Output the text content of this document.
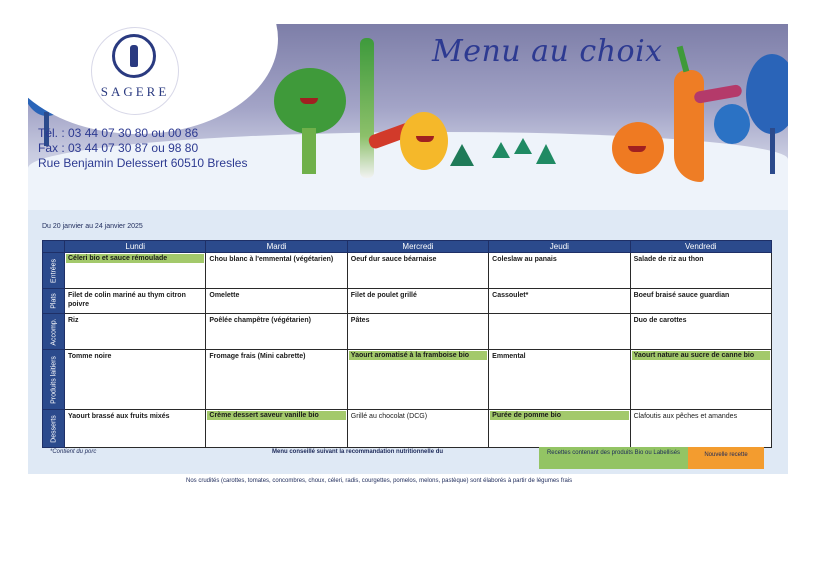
SAGERE
Menu au choix
Tél. : 03 44 07 30 80 ou 00 86
Fax : 03 44 07 30 87 ou 98 80
Rue Benjamin Delessert 60510 Bresles
Du 20 janvier au 24 janvier 2025
	Lundi	Mardi	Mercredi	Jeudi	Vendredi

Entrées	Céleri bio et sauce rémoulade	Chou blanc à l'emmental (végétarien)	Oeuf dur sauce béarnaise	Coleslaw au panais	Salade de riz au thon

Plats	Filet de colin mariné au thym citron poivre	Omelette	Filet de poulet grillé	Cassoulet*	Boeuf braisé sauce guardian

Accomp.	Riz	Poêlée champêtre (végétarien)	Pâtes		Duo de carottes

Produits laitiers	Tomme noire	Fromage frais (Mini cabrette)	Yaourt aromatisé à la framboise bio	Emmental	Yaourt nature au sucre de canne bio

Desserts	Yaourt brassé aux fruits mixés	Crème dessert saveur vanille bio	Grillé au chocolat (DCG)	Purée de pomme bio	Clafoutis aux pêches et amandes
*Contient du porc	Menu conseillé suivant la recommandation nutritionnelle du	Recettes contenant des produits Bio ou Labellisés	Nouvelle recette
Nos crudités (carottes, tomates, concombres, choux, céleri, radis, courgettes, pomelos, melons, pastèque) sont élaborés à partir de légumes frais
